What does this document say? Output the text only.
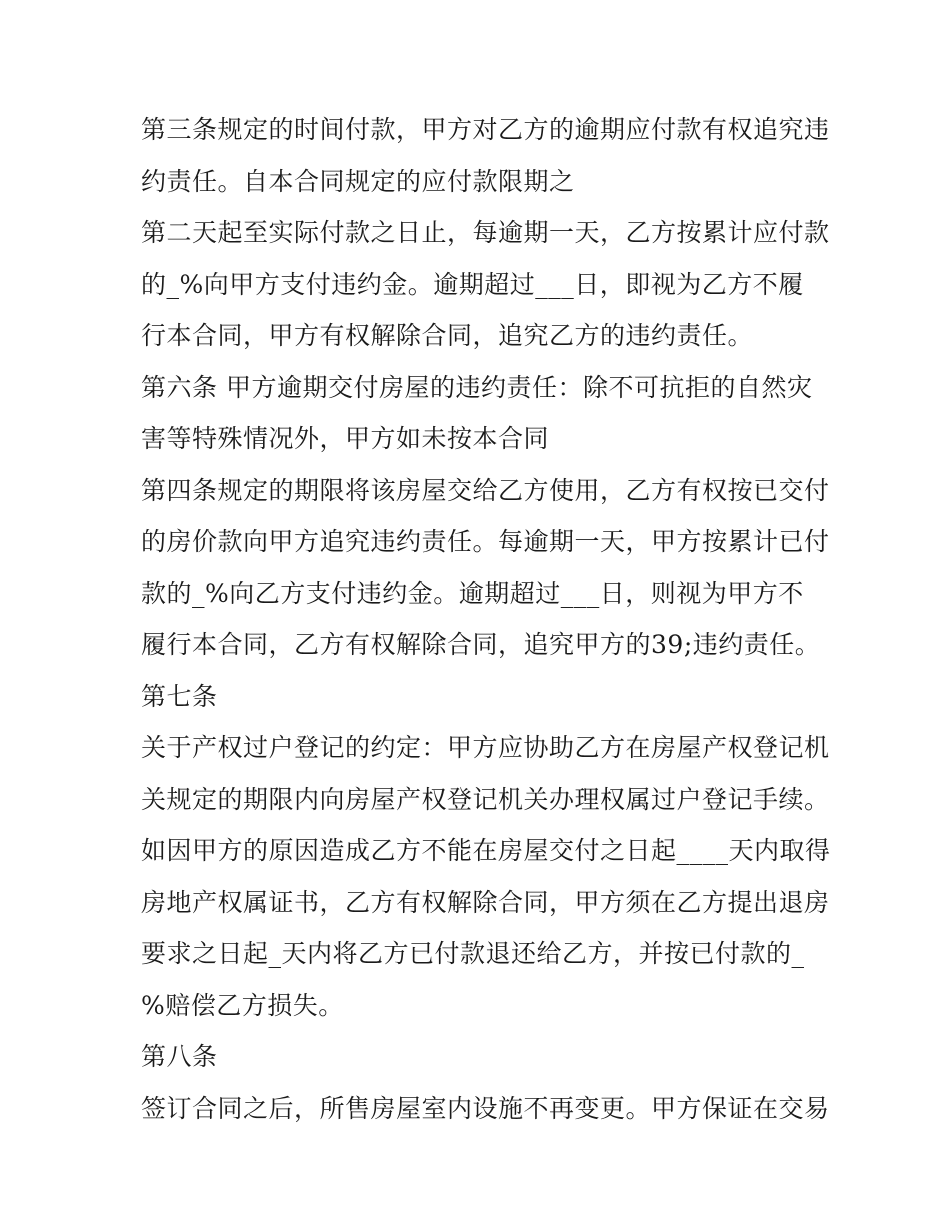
第三条规定的时间付款，甲方对乙方的逾期应付款有权追究违
约责任。自本合同规定的应付款限期之
第二天起至实际付款之日止，每逾期一天，乙方按累计应付款
的_%向甲方支付违约金。逾期超过___日，即视为乙方不履
行本合同，甲方有权解除合同，追究乙方的违约责任。
第六条 甲方逾期交付房屋的违约责任：除不可抗拒的自然灾
害等特殊情况外，甲方如未按本合同
第四条规定的期限将该房屋交给乙方使用，乙方有权按已交付
的房价款向甲方追究违约责任。每逾期一天，甲方按累计已付
款的_%向乙方支付违约金。逾期超过___日，则视为甲方不
履行本合同，乙方有权解除合同，追究甲方的39;违约责任。
第七条
关于产权过户登记的约定：甲方应协助乙方在房屋产权登记机
关规定的期限内向房屋产权登记机关办理权属过户登记手续。
如因甲方的原因造成乙方不能在房屋交付之日起____天内取得
房地产权属证书，乙方有权解除合同，甲方须在乙方提出退房
要求之日起_天内将乙方已付款退还给乙方，并按已付款的_
%赔偿乙方损失。
第八条
签订合同之后，所售房屋室内设施不再变更。甲方保证在交易
